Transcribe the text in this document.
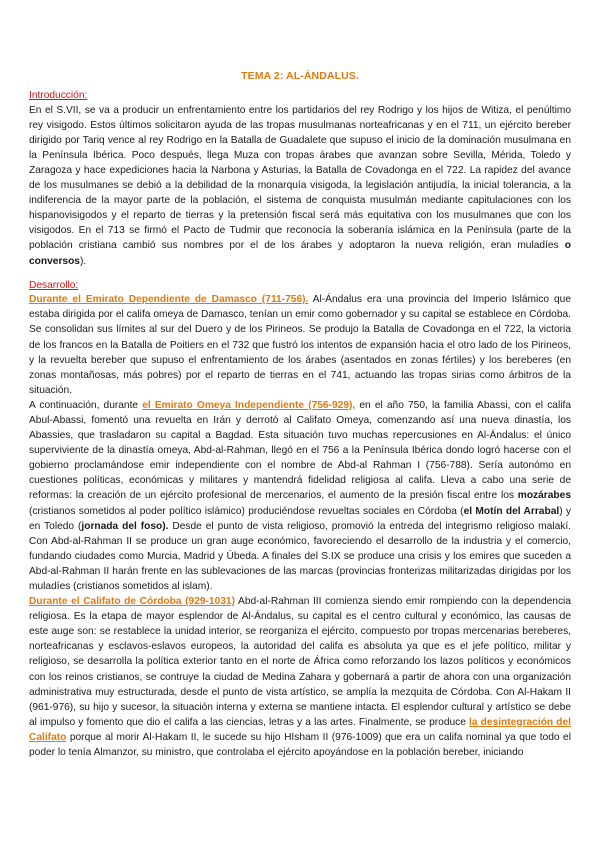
TEMA 2: AL-ÁNDALUS.
Introducción:

En el S.VII, se va a producir un enfrentamiento entre los partidarios del rey Rodrigo y los hijos de Witiza, el penúltimo rey visigodo. Estos últimos solicitaron ayuda de las tropas musulmanas norteafricanas y en el 711, un ejército bereber dirigido por Tariq vence al rey Rodrigo en la Batalla de Guadalete que supuso el inicio de la dominación musulmana en la Península Ibérica. Poco después, llega Muza con tropas árabes que avanzan sobre Sevilla, Mérida, Toledo y Zaragoza y hace expediciones hacia la Narbona y Asturias, la Batalla de Covadonga en el 722. La rapidez del avance de los musulmanes se debió a la debilidad de la monarquía visigoda, la legislación antijudía, la inicial tolerancia, a la indiferencia de la mayor parte de la población, el sistema de conquista musulmán mediante capitulaciones con los hispanovisigodos y el reparto de tierras y la pretensión fiscal será más equitativa con los musulmanes que con los visigodos. En el 713 se firmó el Pacto de Tudmir que reconocía la soberanía islámica en la Península (parte de la población cristiana cambió sus nombres por el de los árabes y adoptaron la nueva religión, eran muladíes o conversos).

Desarrollo:

Durante el Emirato Dependiente de Damasco (711-756). Al-Ándalus era una provincia del Imperio Islámico que estaba dirigida por el califa omeya de Damasco, tenían un emir como gobernador y su capital se establece en Córdoba. Se consolidan sus límites al sur del Duero y de los Pirineos. Se produjo la Batalla de Covadonga en el 722, la victoria de los francos en la Batalla de Poitiers en el 732 que fustró los intentos de expansión hacia el otro lado de los Pirineos, y la revuelta bereber que supuso el enfrentamiento de los árabes (asentados en zonas fértiles) y los bereberes (en zonas montañosas, más pobres) por el reparto de tierras en el 741, actuando las tropas sirias como árbitros de la situación.

A continuación, durante el Emirato Omeya Independiente (756-929), en el año 750, la familia Abassi, con el califa Abul-Abassi, fomentó una revuelta en Irán y derrotó al Califato Omeya, comenzando así una nueva dinastía, los Abassies, que trasladaron su capital a Bagdad. Esta situación tuvo muchas repercusiones en Al-Ándalus: el único superviviente de la dinastía omeya, Abd-al-Rahman, llegó en el 756 a la Península Ibérica dondo logró hacerse con el gobierno proclamándose emir independiente con el nombre de Abd-al Rahman I (756-788). Sería autonómo en cuestiones políticas, económicas y militares y mantendrá fidelidad religiosa al califa. Lleva a cabo una serie de reformas: la creación de un ejército profesional de mercenarios, el aumento de la presión fiscal entre los mozárabes (cristianos sometidos al poder político islámico) produciéndose revueltas sociales en Córdoba (el Motín del Arrabal) y en Toledo (jornada del foso). Desde el punto de vista religioso, promovió la entreda del integrismo religioso malakí. Con Abd-al-Rahman II se produce un gran auge económico, favoreciendo el desarrollo de la industria y el comercio, fundando ciudades como Murcia, Madrid y Úbeda. A finales del S.IX se produce una crisis y los emires que suceden a Abd-al-Rahman II harán frente en las sublevaciones de las marcas (provincias fronterizas militarizadas dirigidas por los muladíes (cristianos sometidos al islam).

Durante el Califato de Córdoba (929-1031) Abd-al-Rahman III comienza siendo emir rompiendo con la dependencia religiosa. Es la etapa de mayor esplendor de Al-Ándalus, su capital es el centro cultural y económico, las causas de este auge son: se restablece la unidad interior, se reorganiza el ejército, compuesto por tropas mercenarias bereberes, norteafricanas y esclavos-eslavos europeos, la autoridad del califa es absoluta ya que es el jefe político, militar y religioso, se desarrolla la política exterior tanto en el norte de África como reforzando los lazos políticos y económicos con los reinos cristianos, se contruye la ciudad de Medina Zahara y gobernará a partir de ahora con una organización administrativa muy estructurada, desde el punto de vista artístico, se amplía la mezquita de Córdoba. Con Al-Hakam II (961-976), su hijo y sucesor, la situación interna y externa se mantiene intacta. El esplendor cultural y artístico se debe al impulso y fomento que dio el califa a las ciencias, letras y a las artes. Finalmente, se produce la desintegración del Califato porque al morir Al-Hakam II, le sucede su hijo HIsham II (976-1009) que era un califa nominal ya que todo el poder lo tenía Almanzor, su ministro, que controlaba el ejército apoyándose en la población bereber, iniciando
